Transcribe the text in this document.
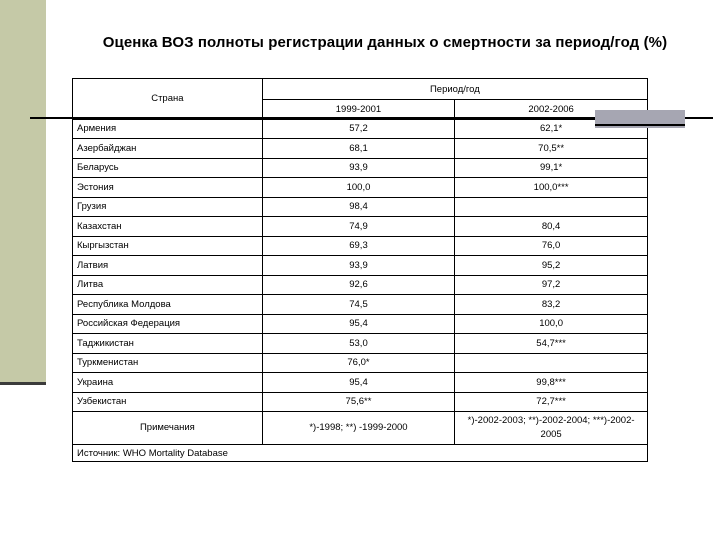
Оценка ВОЗ полноты регистрации данных о смертности за период/год (%)
Страна	Период/год	
	1999-2001	2002-2006
Армения	57,2	62,1*
Азербайджан	68,1	70,5**
Беларусь	93,9	99,1*
Эстония	100,0	100,0***
Грузия	98,4	
Казахстан	74,9	80,4
Кыргызстан	69,3	76,0
Латвия	93,9	95,2
Литва	92,6	97,2
Республика Молдова	74,5	83,2
Российская Федерация	95,4	100,0
Таджикистан	53,0	54,7***
Туркменистан	76,0*	
Украина	95,4	99,8***
Узбекистан	75,6**	72,7***
Примечания	*)-1998; **) -1999-2000	*)-2002-2003; **)-2002-2004; ***)-2002-2005
Источник: WHO Mortality Database		
